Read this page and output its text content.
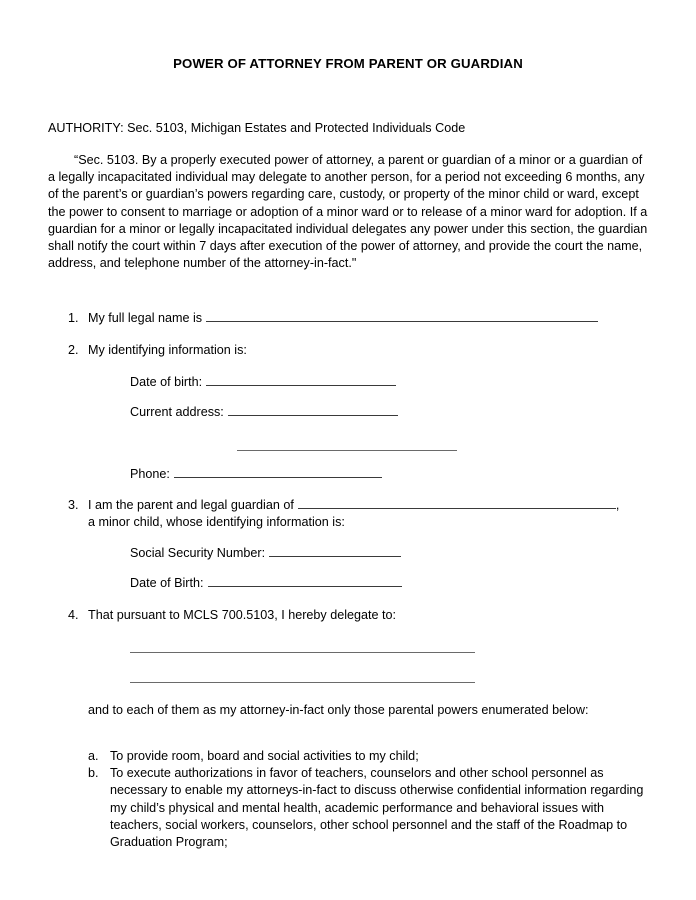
POWER OF ATTORNEY FROM PARENT OR GUARDIAN
AUTHORITY: Sec. 5103, Michigan Estates and Protected Individuals Code
“Sec. 5103. By a properly executed power of attorney, a parent or guardian of a minor or a guardian of a legally incapacitated individual may delegate to another person, for a period not exceeding 6 months, any of the parent’s or guardian’s powers regarding care, custody, or property of the minor child or ward, except the power to consent to marriage or adoption of a minor ward or to release of a minor ward for adoption. If a guardian for a minor or legally incapacitated individual delegates any power under this section, the guardian shall notify the court within 7 days after execution of the power of attorney, and provide the court the name, address, and telephone number of the attorney-in-fact."
1. My full legal name is
2. My identifying information is:
Date of birth:
Current address:
Phone:
3. I am the parent and legal guardian of	,
a minor child, whose identifying information is:
Social Security Number:
Date of Birth:
4. That pursuant to MCLS 700.5103, I hereby delegate to:
and to each of them as my attorney-in-fact only those parental powers enumerated below:

a. To provide room, board and social activities to my child;

b. To execute authorizations in favor of teachers, counselors and other school personnel as necessary to enable my attorneys-in-fact to discuss otherwise confidential information regarding my child’s physical and mental health, academic performance and behavioral issues with teachers, social workers, counselors, other school personnel and the staff of the Roadmap to Graduation Program;
